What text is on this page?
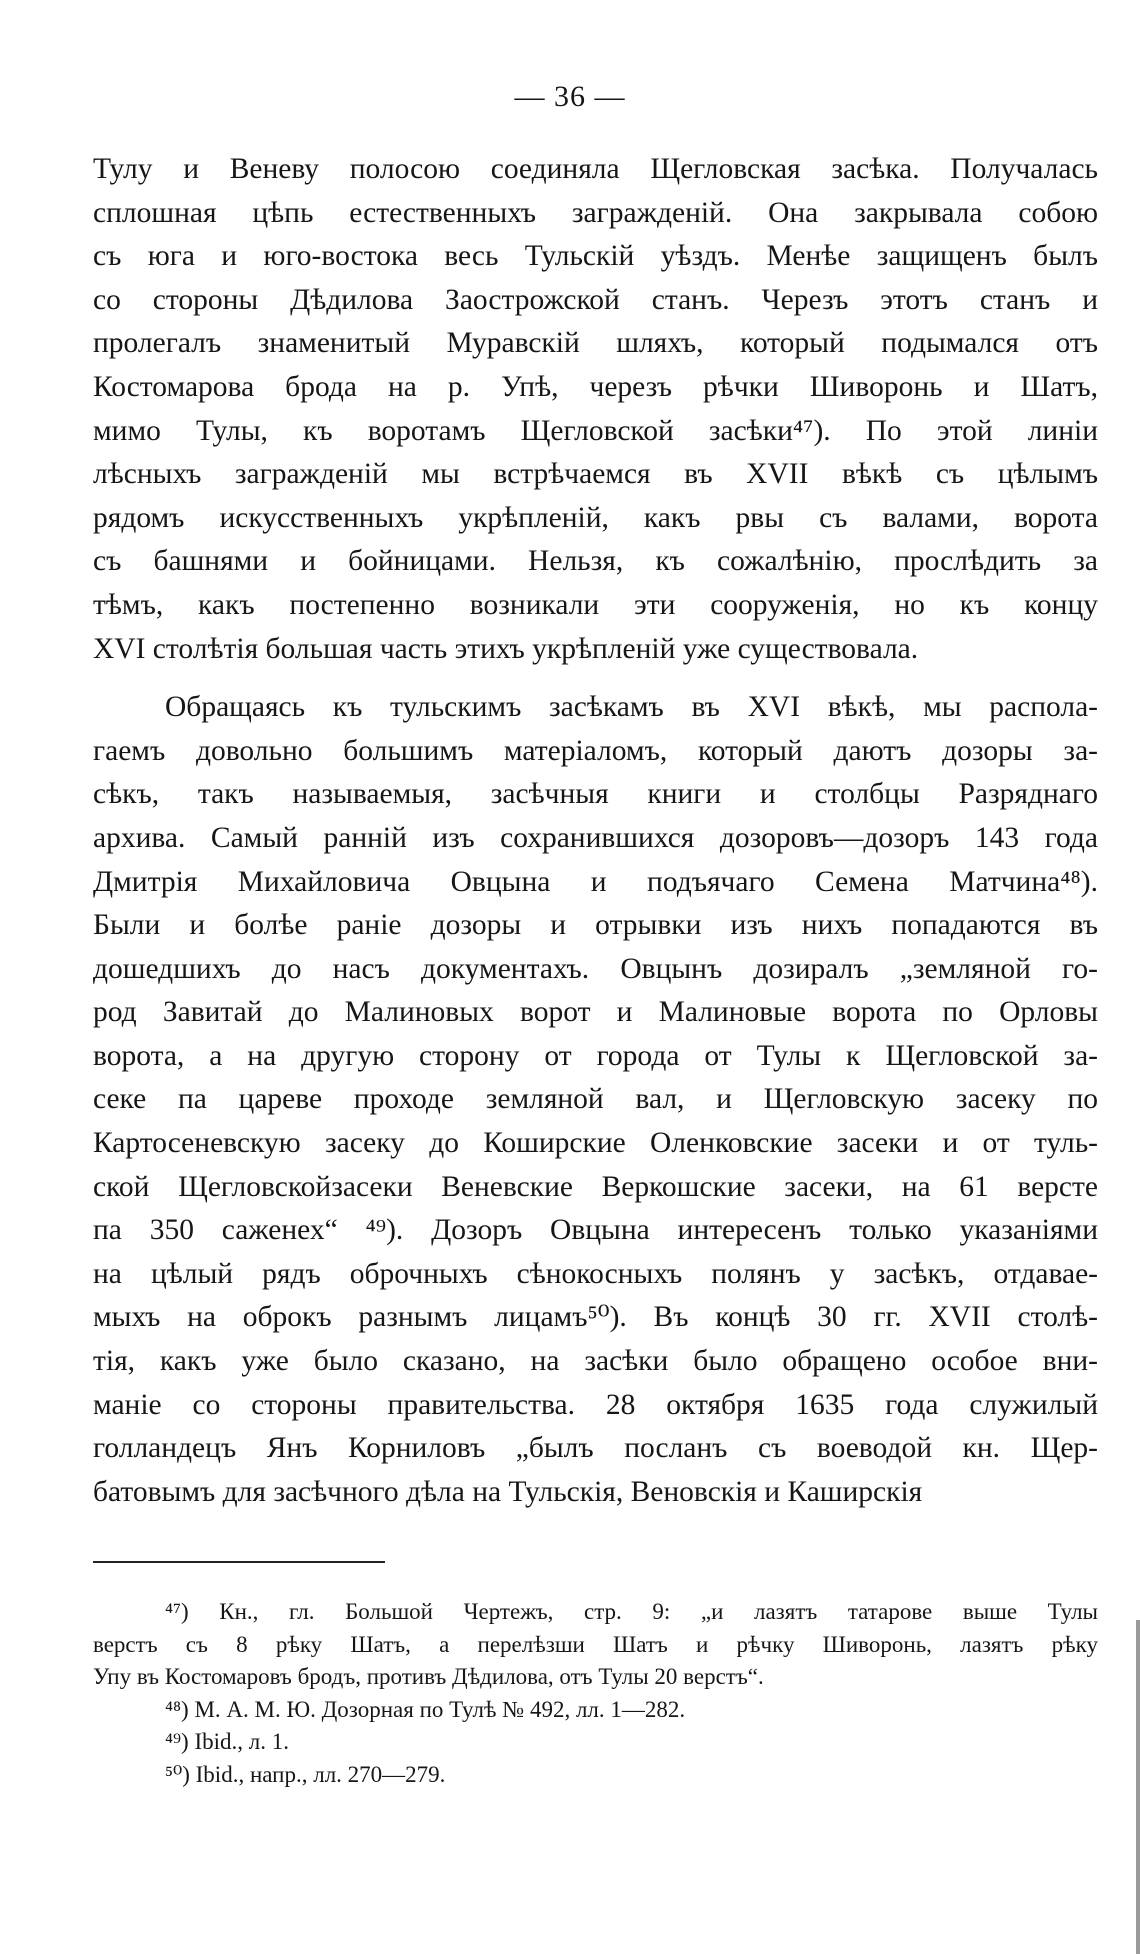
— 36 —
Тулу и Веневу полосою соединяла Щегловская засѣка. Получалась
сплошная цѣпь естественныхъ загражденій. Она закрывала собою
съ юга и юго-востока весь Тульскій уѣздъ. Менѣе защищенъ былъ
со стороны Дѣдилова Заострожской станъ. Черезъ этотъ станъ и
пролегалъ знаменитый Муравскій шляхъ, который подымался отъ
Костомарова брода на р. Упѣ, черезъ рѣчки Шиворонь и Шатъ,
мимо Тулы, къ воротамъ Щегловской засѣки⁴⁷). По этой линіи
лѣсныхъ загражденій мы встрѣчаемся въ XVII вѣкѣ съ цѣлымъ
рядомъ искусственныхъ укрѣпленій, какъ рвы съ валами, ворота
съ башнями и бойницами. Нельзя, къ сожалѣнію, прослѣдить за
тѣмъ, какъ постепенно возникали эти сооруженія, но къ концу
XVI столѣтія большая часть этихъ укрѣпленій уже существовала.
Обращаясь къ тульскимъ засѣкамъ въ XVI вѣкѣ, мы располa-
гаемъ довольно большимъ матеріаломъ, который даютъ дозоры за-
сѣкъ, такъ называемыя, засѣчныя книги и столбцы Разряднаго
архива. Самый ранній изъ сохранившихся дозоровъ—дозоръ 143 года
Дмитрія Михайловича Овцына и подъячаго Семена Матчина⁴⁸).
Были и болѣе раніе дозоры и отрывки изъ нихъ попадаются въ
дошедшихъ до насъ документахъ. Овцынъ дозиралъ „земляной го-
род Завитай до Малиновых ворот и Малиновые ворота по Орловы
ворота, а на другую сторону от города от Тулы к Щегловской за-
секе па цареве проходе земляной вал, и Щегловскую засеку по
Картосеневскую засеку до Коширские Оленковские засеки и от туль-
ской Щегловскойзасеки Веневские Веркошские засеки, на 61 версте
па 350 саженех“ ⁴⁹). Дозоръ Овцына интересенъ только указаніями
на цѣлый рядъ оброчныхъ сѣнокосныхъ полянъ у засѣкъ, отдавае-
мыхъ на оброкъ разнымъ лицамъ⁵⁰). Въ концѣ 30 гг. XVII столѣ-
тія, какъ уже было сказано, на засѣки было обращено особое вни-
маніе со стороны правительства. 28 октября 1635 года служилый
голландецъ Янъ Корниловъ „былъ посланъ съ воеводой кн. Щер-
батовымъ для засѣчного дѣла на Тульскія, Веновскія и Каширскія
⁴⁷) Кн., гл. Большой Чертежъ, стр. 9: „и лазятъ татарове выше Тулы
верстъ съ 8 рѣку Шатъ, а перелѣзши Шатъ и рѣчку Шиворонь, лазятъ рѣку
Упу въ Костомаровъ бродъ, противъ Дѣдилова, отъ Тулы 20 верстъ“.
⁴⁸) М. А. М. Ю. Дозорная по Тулѣ № 492, лл. 1—282.
⁴⁹) Ibid., л. 1.
⁵⁰) Ibid., напр., лл. 270—279.
